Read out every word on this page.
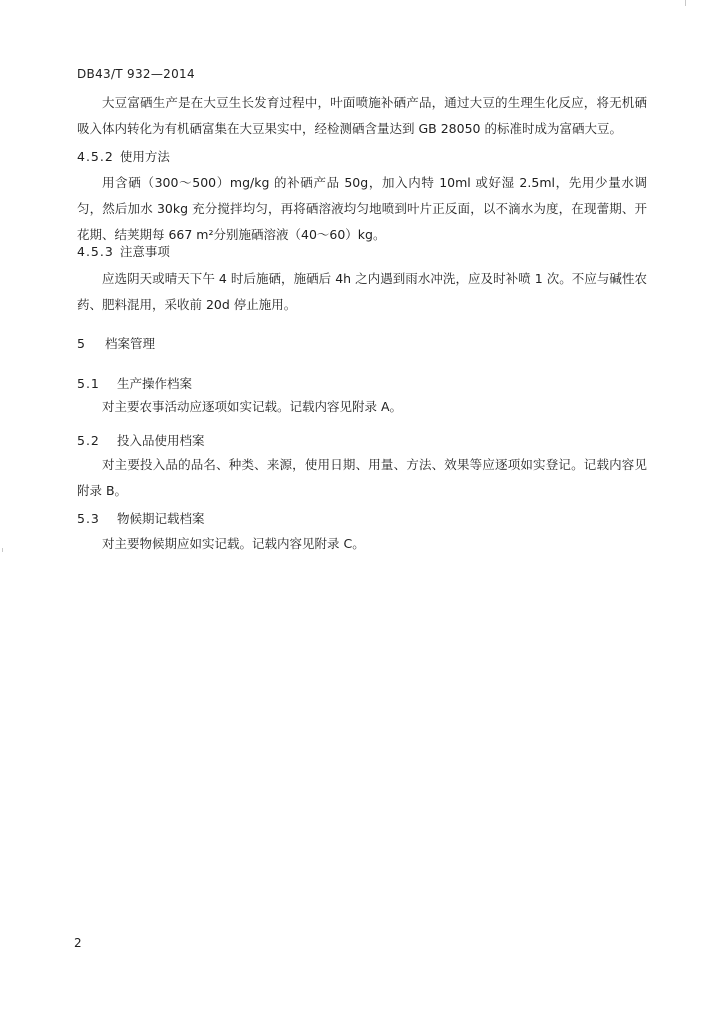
DB43/T 932—2014

大豆富硒生产是在大豆生长发育过程中，叶面喷施补硒产品，通过大豆的生理生化反应，将无机硒吸入体内转化为有机硒富集在大豆果实中，经检测硒含量达到 GB 28050 的标准时成为富硒大豆。

4.5.2 使用方法

用含硒（300～500）mg/kg 的补硒产品 50g，加入内特 10ml 或好湿 2.5ml，先用少量水调匀，然后加水 30kg 充分搅拌均匀，再将硒溶液均匀地喷到叶片正反面，以不滴水为度，在现蕾期、开花期、结荚期每 667 m²分别施硒溶液（40～60）kg。

4.5.3 注意事项

应选阴天或晴天下午 4 时后施硒，施硒后 4h 之内遇到雨水冲洗，应及时补喷 1 次。不应与碱性农药、肥料混用，采收前 20d 停止施用。

5 档案管理
5.1 生产操作档案

对主要农事活动应逐项如实记载。记载内容见附录 A。

5.2 投入品使用档案

对主要投入品的品名、种类、来源，使用日期、用量、方法、效果等应逐项如实登记。记载内容见附录 B。

5.3 物候期记载档案

对主要物候期应如实记载。记载内容见附录 C。

2
